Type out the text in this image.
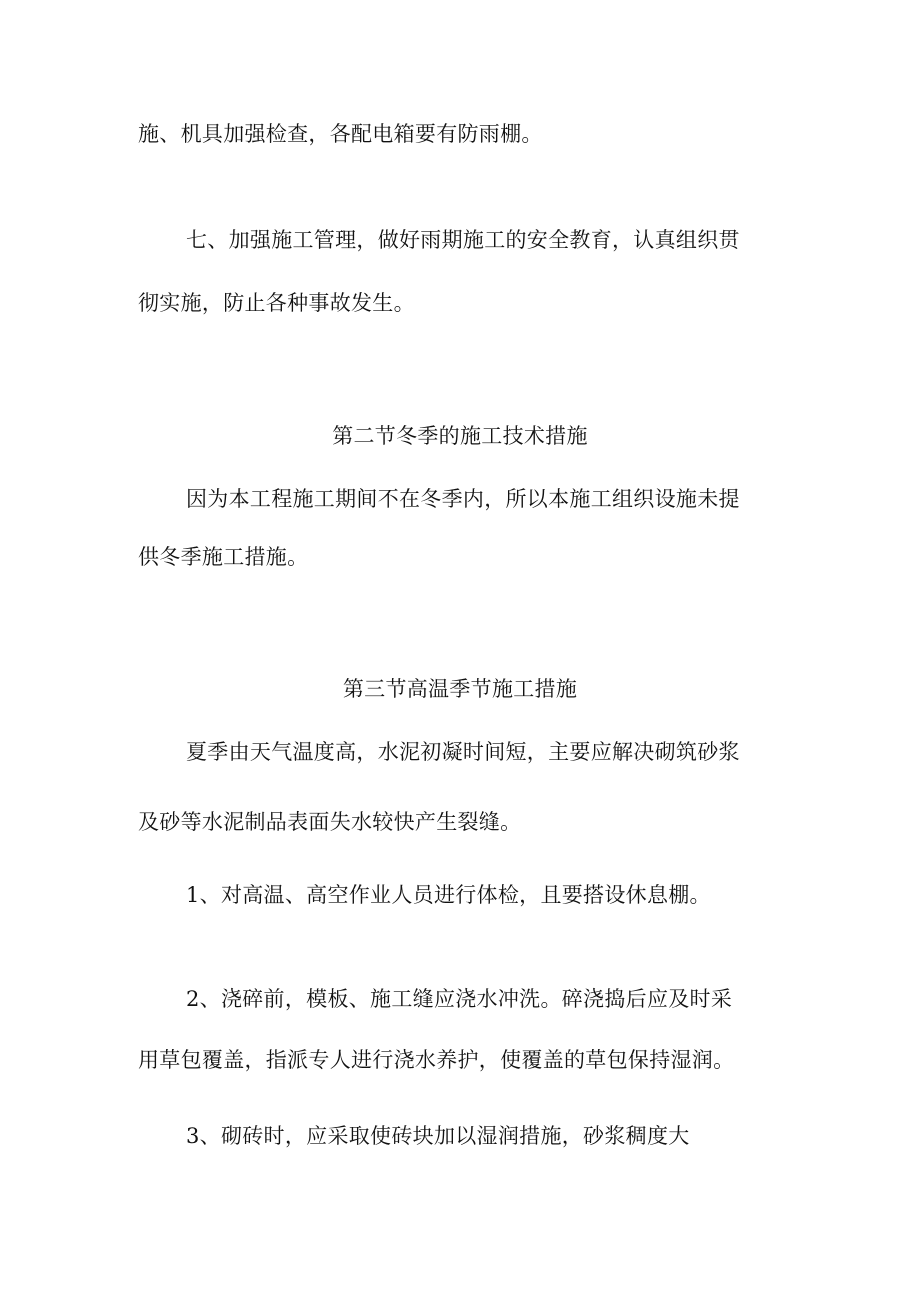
施、机具加强检查，各配电箱要有防雨棚。

七、加强施工管理，做好雨期施工的安全教育，认真组织贯

彻实施，防止各种事故发生。

第二节冬季的施工技术措施

因为本工程施工期间不在冬季内，所以本施工组织设施未提

供冬季施工措施。

第三节高温季节施工措施

夏季由天气温度高，水泥初凝时间短，主要应解决砌筑砂浆

及砂等水泥制品表面失水较快产生裂缝。

1、对高温、高空作业人员进行体检，且要搭设休息棚。

2、浇碎前，模板、施工缝应浇水冲洗。碎浇捣后应及时采

用草包覆盖，指派专人进行浇水养护，使覆盖的草包保持湿润。

3、砌砖时，应采取使砖块加以湿润措施，砂浆稠度大
